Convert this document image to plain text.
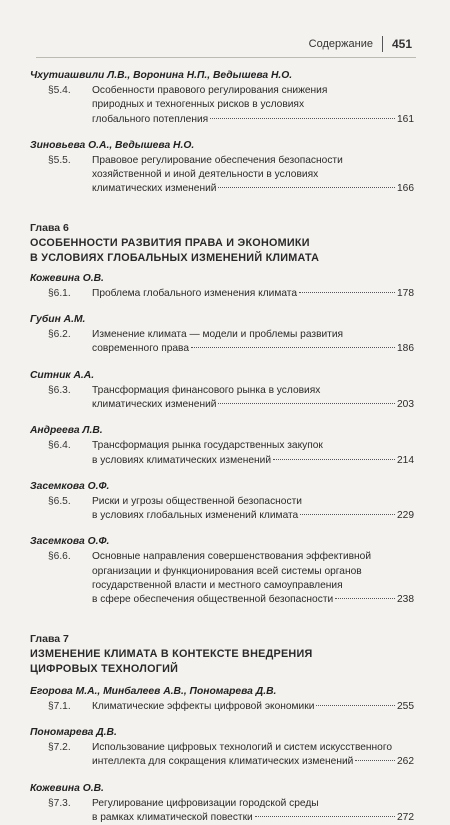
Содержание 451
Чхутиашвили Л.В., Воронина Н.П., Ведышева Н.О.
§5.4.	Особенности правового регулирования снижения
природных и техногенных рисков в условиях
глобального потепления	161
Зиновьева О.А., Ведышева Н.О.
§5.5.	Правовое регулирование обеспечения безопасности
хозяйственной и иной деятельности в условиях
климатических изменений	166
Глава 6
ОСОБЕННОСТИ РАЗВИТИЯ ПРАВА И ЭКОНОМИКИ
В УСЛОВИЯХ ГЛОБАЛЬНЫХ ИЗМЕНЕНИЙ КЛИМАТА
Кожевина О.В.
§6.1.	Проблема глобального изменения климата	178
Губин А.М.
§6.2.	Изменение климата — модели и проблемы развития
современного права	186
Ситник А.А.
§6.3.	Трансформация финансового рынка в условиях
климатических изменений	203
Андреева Л.В.
§6.4.	Трансформация рынка государственных закупок
в условиях климатических изменений	214
Засемкова О.Ф.
§6.5.	Риски и угрозы общественной безопасности
в условиях глобальных изменений климата	229
Засемкова О.Ф.
§6.6.	Основные направления совершенствования эффективной
организации и функционирования всей системы органов
государственной власти и местного самоуправления
в сфере обеспечения общественной безопасности	238
Глава 7
ИЗМЕНЕНИЕ КЛИМАТА В КОНТЕКСТЕ ВНЕДРЕНИЯ
ЦИФРОВЫХ ТЕХНОЛОГИЙ
Егорова М.А., Минбалеев А.В., Пономарева Д.В.
§7.1.	Климатические эффекты цифровой экономики	255
Пономарева Д.В.
§7.2.	Использование цифровых технологий и систем искусственного
интеллекта для сокращения климатических изменений	262
Кожевина О.В.
§7.3.	Регулирование цифровизации городской среды
в рамках климатической повестки	272
